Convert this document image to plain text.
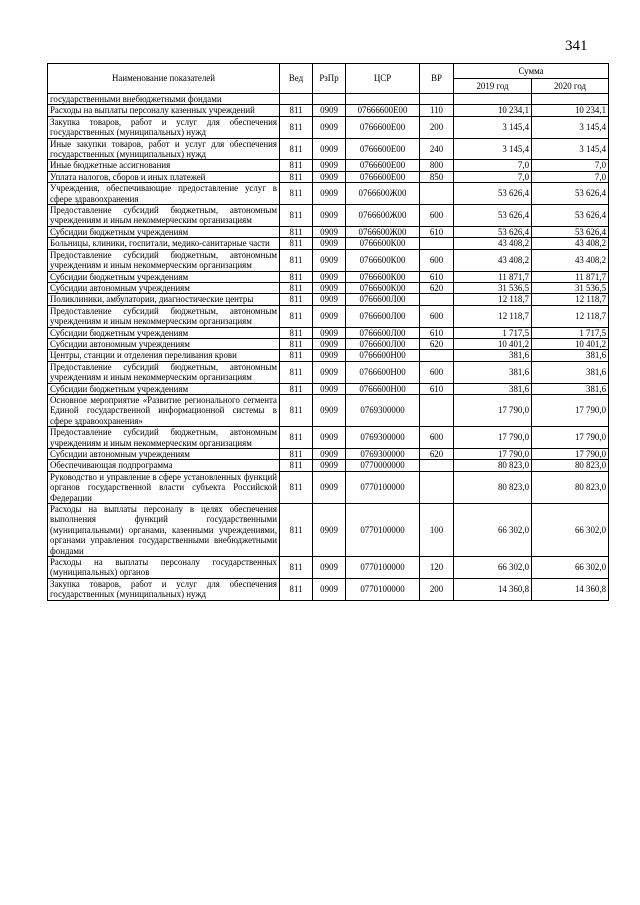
341
Наименование показателей	Вед	РзПр	ЦСР	ВР	Сумма	
					2019 год	2020 год
государственными внебюджетными фондами						
Расходы на выплаты персоналу казенных учреждений	811	0909	07666600Е00	110	10 234,1	10 234,1
Закупка товаров, работ и услуг для обеспечения государственных (муниципальных) нужд	811	0909	0766600Е00	200	3 145,4	3 145,4
Иные закупки товаров, работ и услуг для обеспечения государственных (муниципальных) нужд	811	0909	0766600Е00	240	3 145,4	3 145,4
Иные бюджетные ассигнования	811	0909	0766600Е00	800	7,0	7,0
Уплата налогов, сборов и иных платежей	811	0909	0766600Е00	850	7,0	7,0
Учреждения, обеспечивающие предоставление услуг в сфере здравоохранения	811	0909	0766600Ж00		53 626,4	53 626,4
Предоставление субсидий бюджетным, автономным учреждениям и иным некоммерческим организациям	811	0909	0766600Ж00	600	53 626,4	53 626,4
Субсидии бюджетным учреждениям	811	0909	0766600Ж00	610	53 626,4	53 626,4
Больницы, клиники, госпитали, медико-санитарные части	811	0909	0766600К00		43 408,2	43 408,2
Предоставление субсидий бюджетным, автономным учреждениям и иным некоммерческим организациям	811	0909	0766600К00	600	43 408,2	43 408,2
Субсидии бюджетным учреждениям	811	0909	0766600К00	610	11 871,7	11 871,7
Субсидии автономным учреждениям	811	0909	0766600К00	620	31 536,5	31 536,5
Поликлиники, амбулатории, диагностические центры	811	0909	0766600Л00		12 118,7	12 118,7
Предоставление субсидий бюджетным, автономным учреждениям и иным некоммерческим организациям	811	0909	0766600Л00	600	12 118,7	12 118,7
Субсидии бюджетным учреждениям	811	0909	0766600Л00	610	1 717,5	1 717,5
Субсидии автономным учреждениям	811	0909	0766600Л00	620	10 401,2	10 401,2
Центры, станции и отделения переливания крови	811	0909	0766600Н00		381,6	381,6
Предоставление субсидий бюджетным, автономным учреждениям и иным некоммерческим организациям	811	0909	0766600Н00	600	381,6	381,6
Субсидии бюджетным учреждениям	811	0909	0766600Н00	610	381,6	381,6
Основное мероприятие «Развитие регионального сегмента Единой государственной информационной системы в сфере здравоохранения»	811	0909	0769300000		17 790,0	17 790,0
Предоставление субсидий бюджетным, автономным учреждениям и иным некоммерческим организациям	811	0909	0769300000	600	17 790,0	17 790,0
Субсидии автономным учреждениям	811	0909	0769300000	620	17 790,0	17 790,0
Обеспечивающая подпрограмма	811	0909	0770000000		80 823,0	80 823,0
Руководство и управление в сфере установленных функций органов государственной власти субъекта Российской Федерации	811	0909	0770100000		80 823,0	80 823,0
Расходы на выплаты персоналу в целях обеспечения выполнения функций государственными (муниципальными) органами, казенными учреждениями, органами управления государственными внебюджетными фондами	811	0909	0770100000	100	66 302,0	66 302,0
Расходы на выплаты персоналу государственных (муниципальных) органов	811	0909	0770100000	120	66 302,0	66 302,0
Закупка товаров, работ и услуг для обеспечения государственных (муниципальных) нужд	811	0909	0770100000	200	14 360,8	14 360,8
